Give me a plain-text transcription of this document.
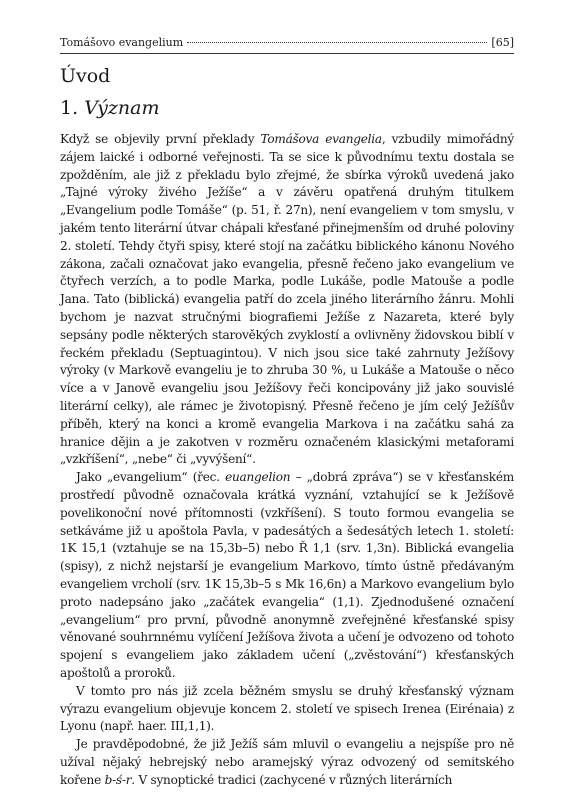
Tomášovo evangelium	[65]
Úvod
1. Význam

Když se objevily první překlady Tomášova evangelia, vzbudily mimořádný zájem laické i odborné veřejnosti. Ta se sice k původnímu textu dostala se zpožděním, ale již z překladu bylo zřejmé, že sbírka výroků uvedená jako „Tajné výroky živého Ježíše“ a v závěru opatřená druhým titulkem „Evangelium podle Tomáše“ (p. 51, ř. 27n), není evangeliem v tom smyslu, v jakém tento literární útvar chápali křesťané přinejmenším od druhé poloviny 2. století. Tehdy čtyři spisy, které stojí na začátku biblického kánonu Nového zákona, začali označovat jako evangelia, přesně řečeno jako evangelium ve čtyřech verzích, a to podle Marka, podle Lukáše, podle Matouše a podle Jana. Tato (biblická) evangelia patří do zcela jiného literárního žánru. Mohli bychom je nazvat stručnými biografiemi Ježíše z Nazareta, které byly sepsány podle některých starověkých zvyklostí a ovlivněny židovskou biblí v řeckém překladu (Septuagintou). V nich jsou sice také zahrnuty Ježíšovy výroky (v Markově evangeliu je to zhruba 30 %, u Lukáše a Matouše o něco více a v Janově evangeliu jsou Ježíšovy řeči koncipovány již jako souvislé literární celky), ale rámec je životopisný. Přesně řečeno je jím celý Ježíšův příběh, který na konci a kromě evangelia Markova i na začátku sahá za hranice dějin a je zakotven v rozměru označeném klasickými metaforami „vzkříšení“, „nebe“ či „vyvýšení“.

Jako „evangelium“ (řec. euangelion – „dobrá zpráva“) se v křesťanském prostředí původně označovala krátká vyznání, vztahující se k Ježíšově povelikonoční nové přítomnosti (vzkříšení). S touto formou evangelia se setkáváme již u apoštola Pavla, v padesátých a šedesátých letech 1. století: 1K 15,1 (vztahuje se na 15,3b–5) nebo Ř 1,1 (srv. 1,3n). Biblická evangelia (spisy), z nichž nejstarší je evangelium Markovo, tímto ústně předávaným evangeliem vrcholí (srv. 1K 15,3b–5 s Mk 16,6n) a Markovo evangelium bylo proto nadepsáno jako „začátek evangelia“ (1,1). Zjednodušené označení „evangelium“ pro první, původně anonymně zveřejněné křesťanské spisy věnované souhrnnému vylíčení Ježíšova života a učení je odvozeno od tohoto spojení s evangeliem jako základem učení („zvěstování“) křesťanských apoštolů a proroků.

V tomto pro nás již zcela běžném smyslu se druhý křesťanský význam výrazu evangelium objevuje koncem 2. století ve spisech Irenea (Eirénaia) z Lyonu (např. haer. III,1,1).

Je pravděpodobné, že již Ježíš sám mluvil o evangeliu a nejspíše pro ně užíval nějaký hebrejský nebo aramejský výraz odvozený od semitského kořene b-ś-r. V synoptické tradici (zachycené v různých literárních
